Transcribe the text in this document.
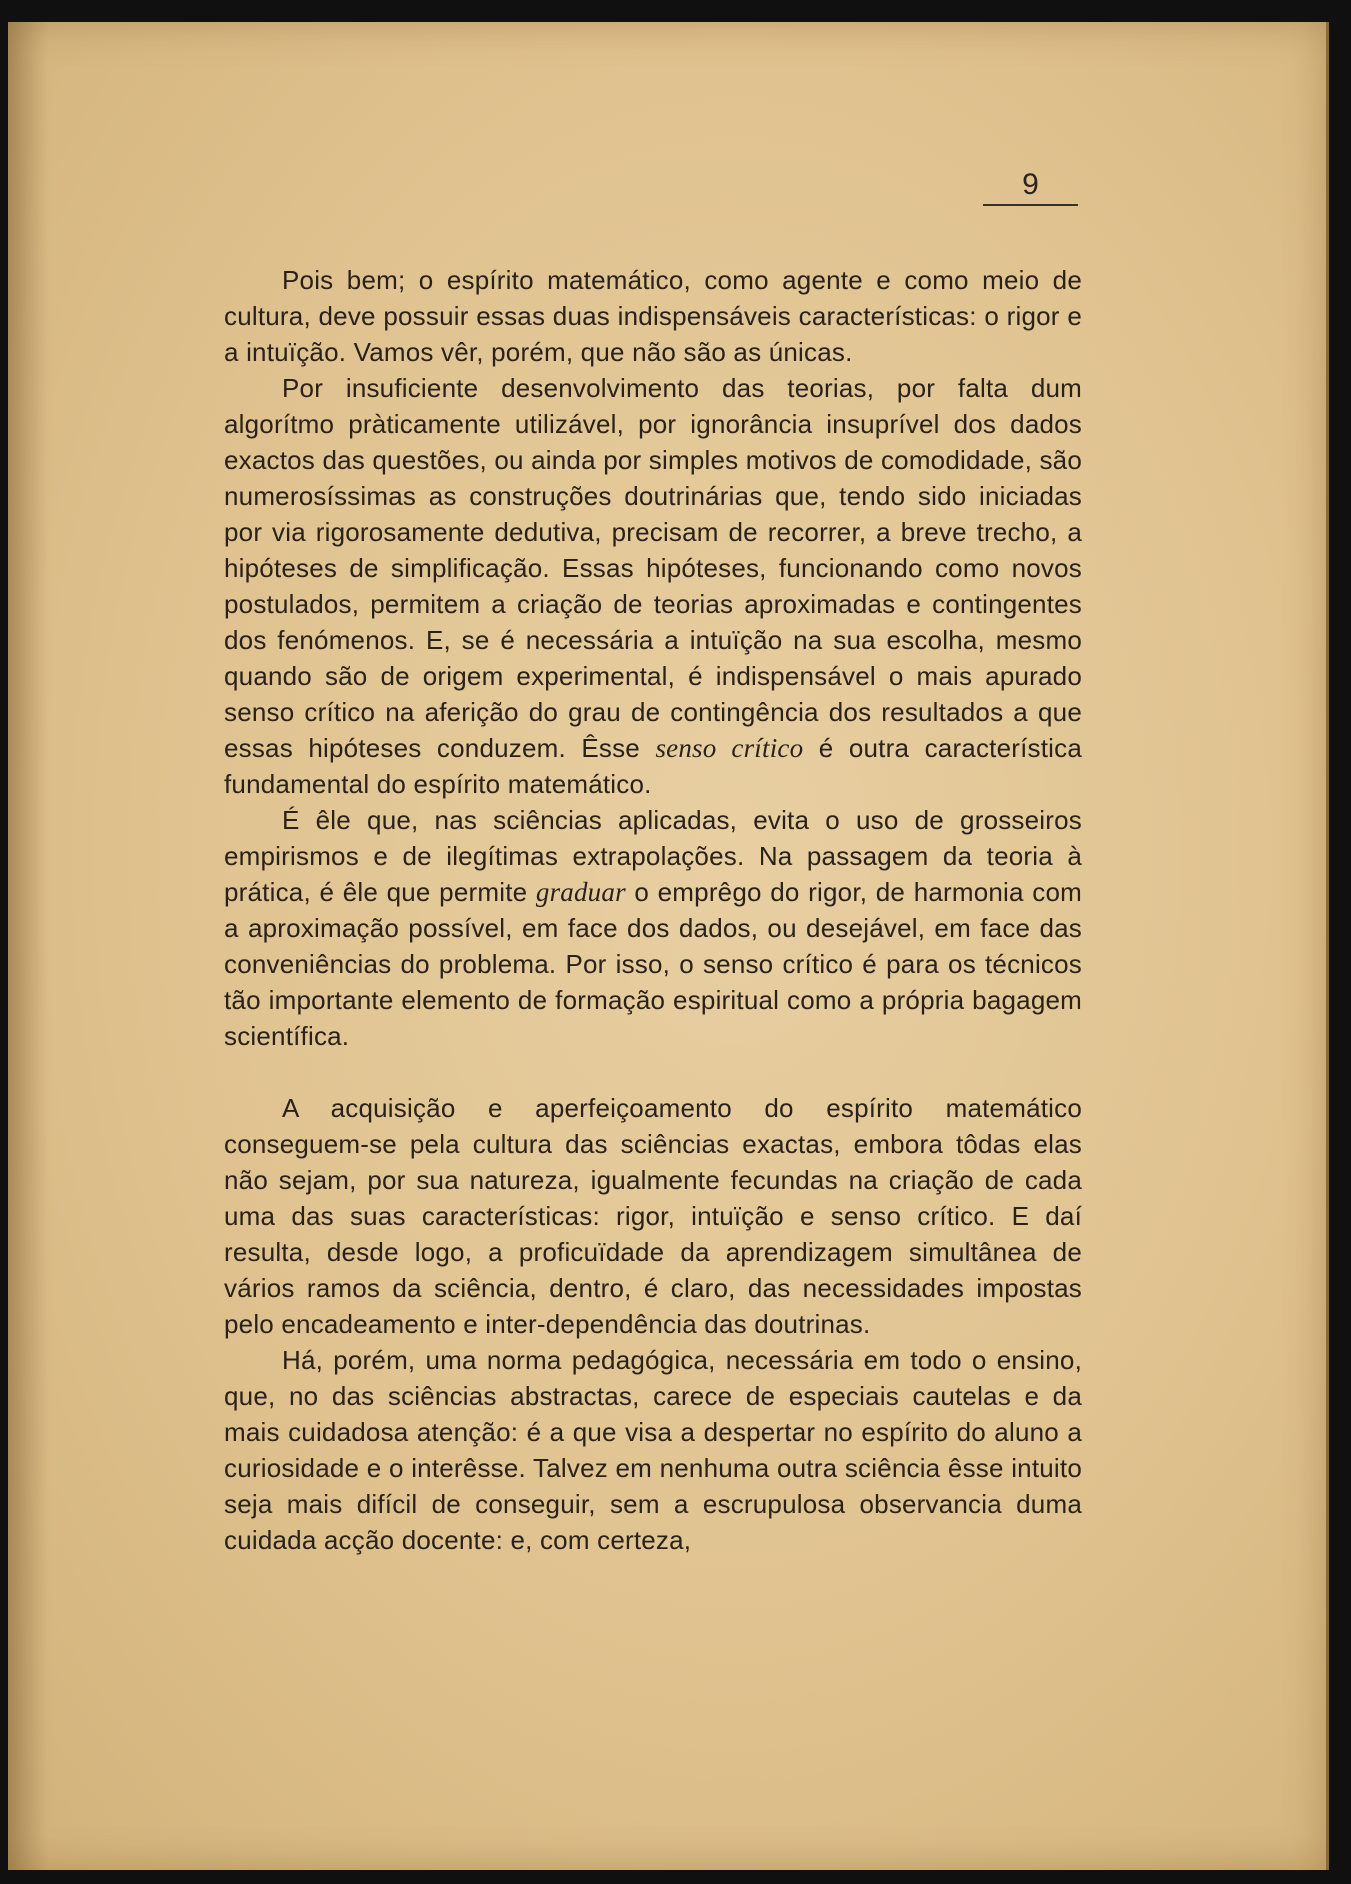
9

Pois bem; o espírito matemático, como agente e como meio de cultura, deve possuir essas duas indispensáveis características: o rigor e a intuïção. Vamos vêr, porém, que não são as únicas.

Por insuficiente desenvolvimento das teorias, por falta dum algorítmo pràticamente utilizável, por ignorância insuprível dos dados exactos das questões, ou ainda por simples motivos de comodidade, são numerosíssimas as construções doutrinárias que, tendo sido iniciadas por via rigorosamente dedutiva, precisam de recorrer, a breve trecho, a hipóteses de simplificação. Essas hipóteses, funcionando como novos postulados, permitem a criação de teorias aproximadas e contingentes dos fenómenos. E, se é necessária a intuïção na sua escolha, mesmo quando são de origem experimental, é indispensável o mais apurado senso crítico na aferição do grau de contingência dos resultados a que essas hipóteses conduzem. Êsse senso crítico é outra característica fundamental do espírito matemático.

É êle que, nas sciências aplicadas, evita o uso de grosseiros empirismos e de ilegítimas extrapolações. Na passagem da teoria à prática, é êle que permite graduar o emprêgo do rigor, de harmonia com a aproximação possível, em face dos dados, ou desejável, em face das conveniências do problema. Por isso, o senso crítico é para os técnicos tão importante elemento de formação espiritual como a própria bagagem scientífica.

A acquisição e aperfeiçoamento do espírito matemático conseguem-se pela cultura das sciências exactas, embora tôdas elas não sejam, por sua natureza, igualmente fecundas na criação de cada uma das suas características: rigor, intuïção e senso crítico. E daí resulta, desde logo, a proficuïdade da aprendizagem simultânea de vários ramos da sciência, dentro, é claro, das necessidades impostas pelo encadeamento e inter-dependência das doutrinas.

Há, porém, uma norma pedagógica, necessária em todo o ensino, que, no das sciências abstractas, carece de especiais cautelas e da mais cuidadosa atenção: é a que visa a despertar no espírito do aluno a curiosidade e o interêsse. Talvez em nenhuma outra sciência êsse intuito seja mais difícil de conseguir, sem a escrupulosa observancia duma cuidada acção docente: e, com certeza,
